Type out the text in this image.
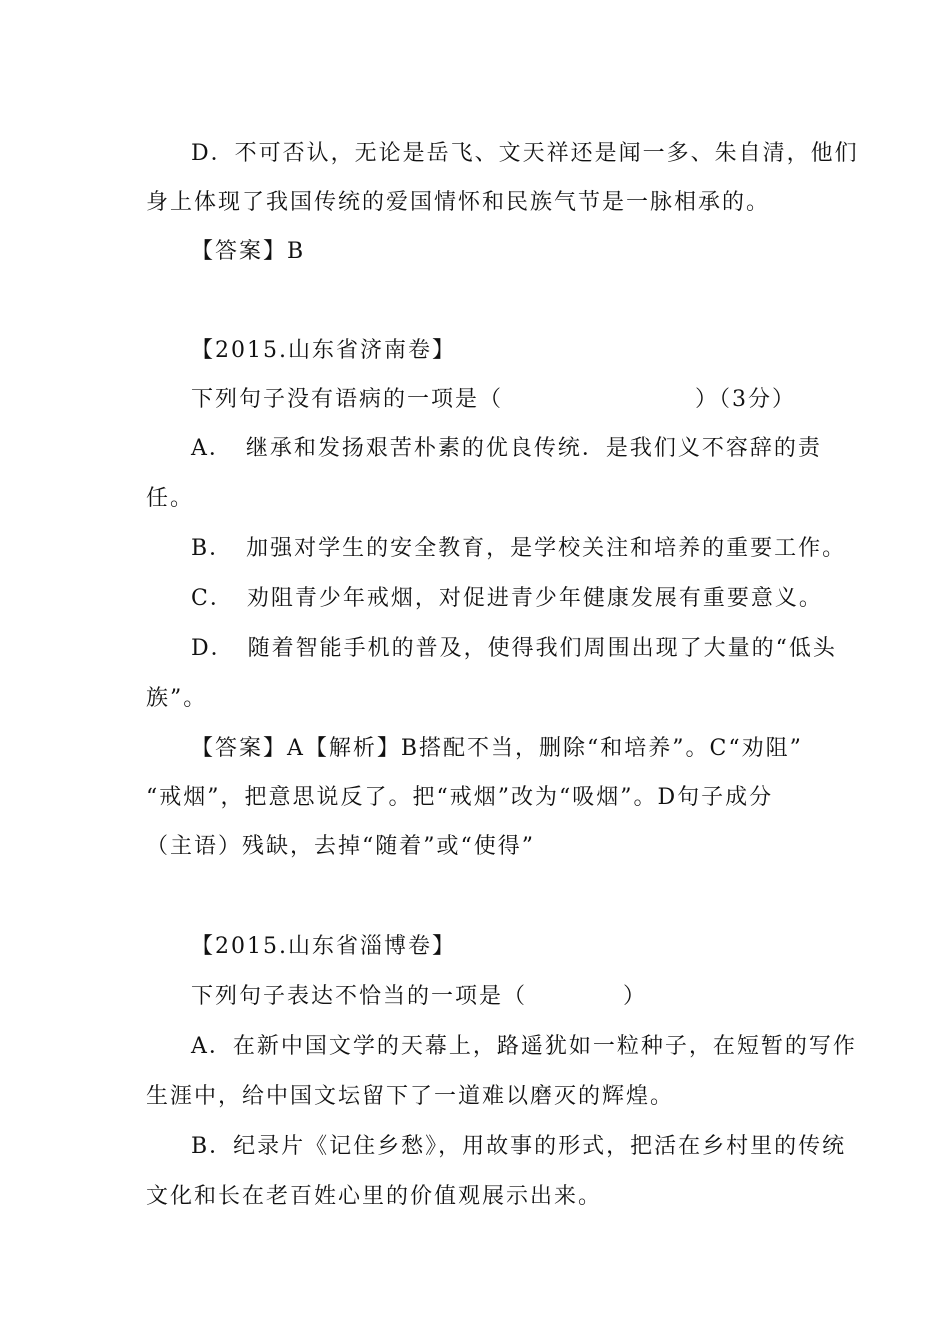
D．不可否认，无论是岳飞、文天祥还是闻一多、朱自清，他们
身上体现了我国传统的爱国情怀和民族气节是一脉相承的。
【答案】B
【2015.山东省济南卷】
下列句子没有语病的一项是（　　　　　　　　）（3分）
A．　继承和发扬艰苦朴素的优良传统．是我们义不容辞的责
任。
B．　加强对学生的安全教育，是学校关注和培养的重要工作。
C．　劝阻青少年戒烟，对促进青少年健康发展有重要意义。
D．　随着智能手机的普及，使得我们周围出现了大量的“低头
族”。
【答案】A【解析】B搭配不当，删除“和培养”。C“劝阻”
“戒烟”，把意思说反了。把“戒烟”改为“吸烟”。D句子成分
（主语）残缺，去掉“随着”或“使得”
【2015.山东省淄博卷】
下列句子表达不恰当的一项是（　　　　）
A．在新中国文学的天幕上，路遥犹如一粒种子，在短暂的写作
生涯中，给中国文坛留下了一道难以磨灭的辉煌。
B．纪录片《记住乡愁》，用故事的形式，把活在乡村里的传统
文化和长在老百姓心里的价值观展示出来。
